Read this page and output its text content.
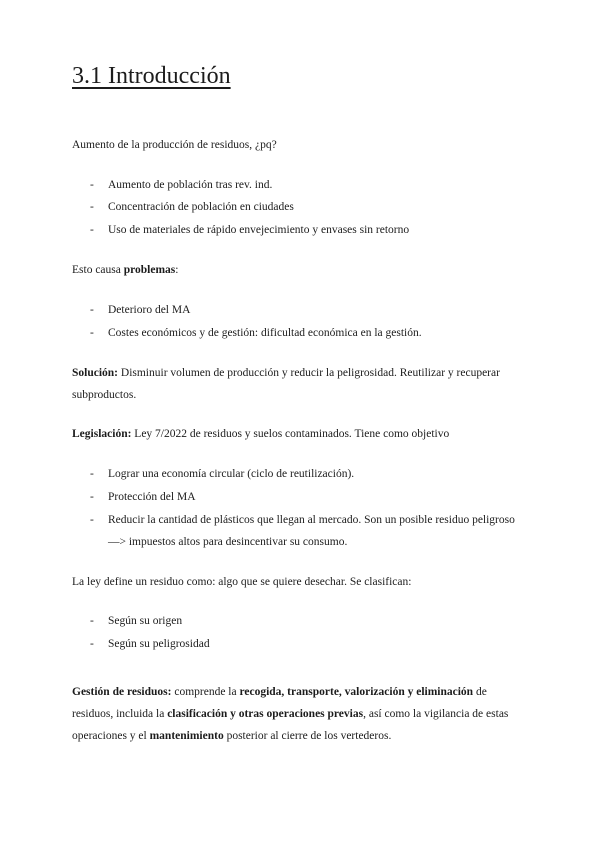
3.1 Introducción

Aumento de la producción de residuos, ¿pq?

- Aumento de población tras rev. ind.
- Concentración de población en ciudades
- Uso de materiales de rápido envejecimiento y envases sin retorno

Esto causa problemas:

- Deterioro del MA
- Costes económicos y de gestión: dificultad económica en la gestión.

Solución: Disminuir volumen de producción y reducir la peligrosidad. Reutilizar y recuperar subproductos.

Legislación: Ley 7/2022 de residuos y suelos contaminados. Tiene como objetivo

- Lograr una economía circular (ciclo de reutilización).
- Protección del MA
- Reducir la cantidad de plásticos que llegan al mercado. Son un posible residuo peligroso —> impuestos altos para desincentivar su consumo.

La ley define un residuo como: algo que se quiere desechar. Se clasifican:

- Según su origen
- Según su peligrosidad

Gestión de residuos: comprende la recogida, transporte, valorización y eliminación de residuos, incluida la clasificación y otras operaciones previas, así como la vigilancia de estas operaciones y el mantenimiento posterior al cierre de los vertederos.
